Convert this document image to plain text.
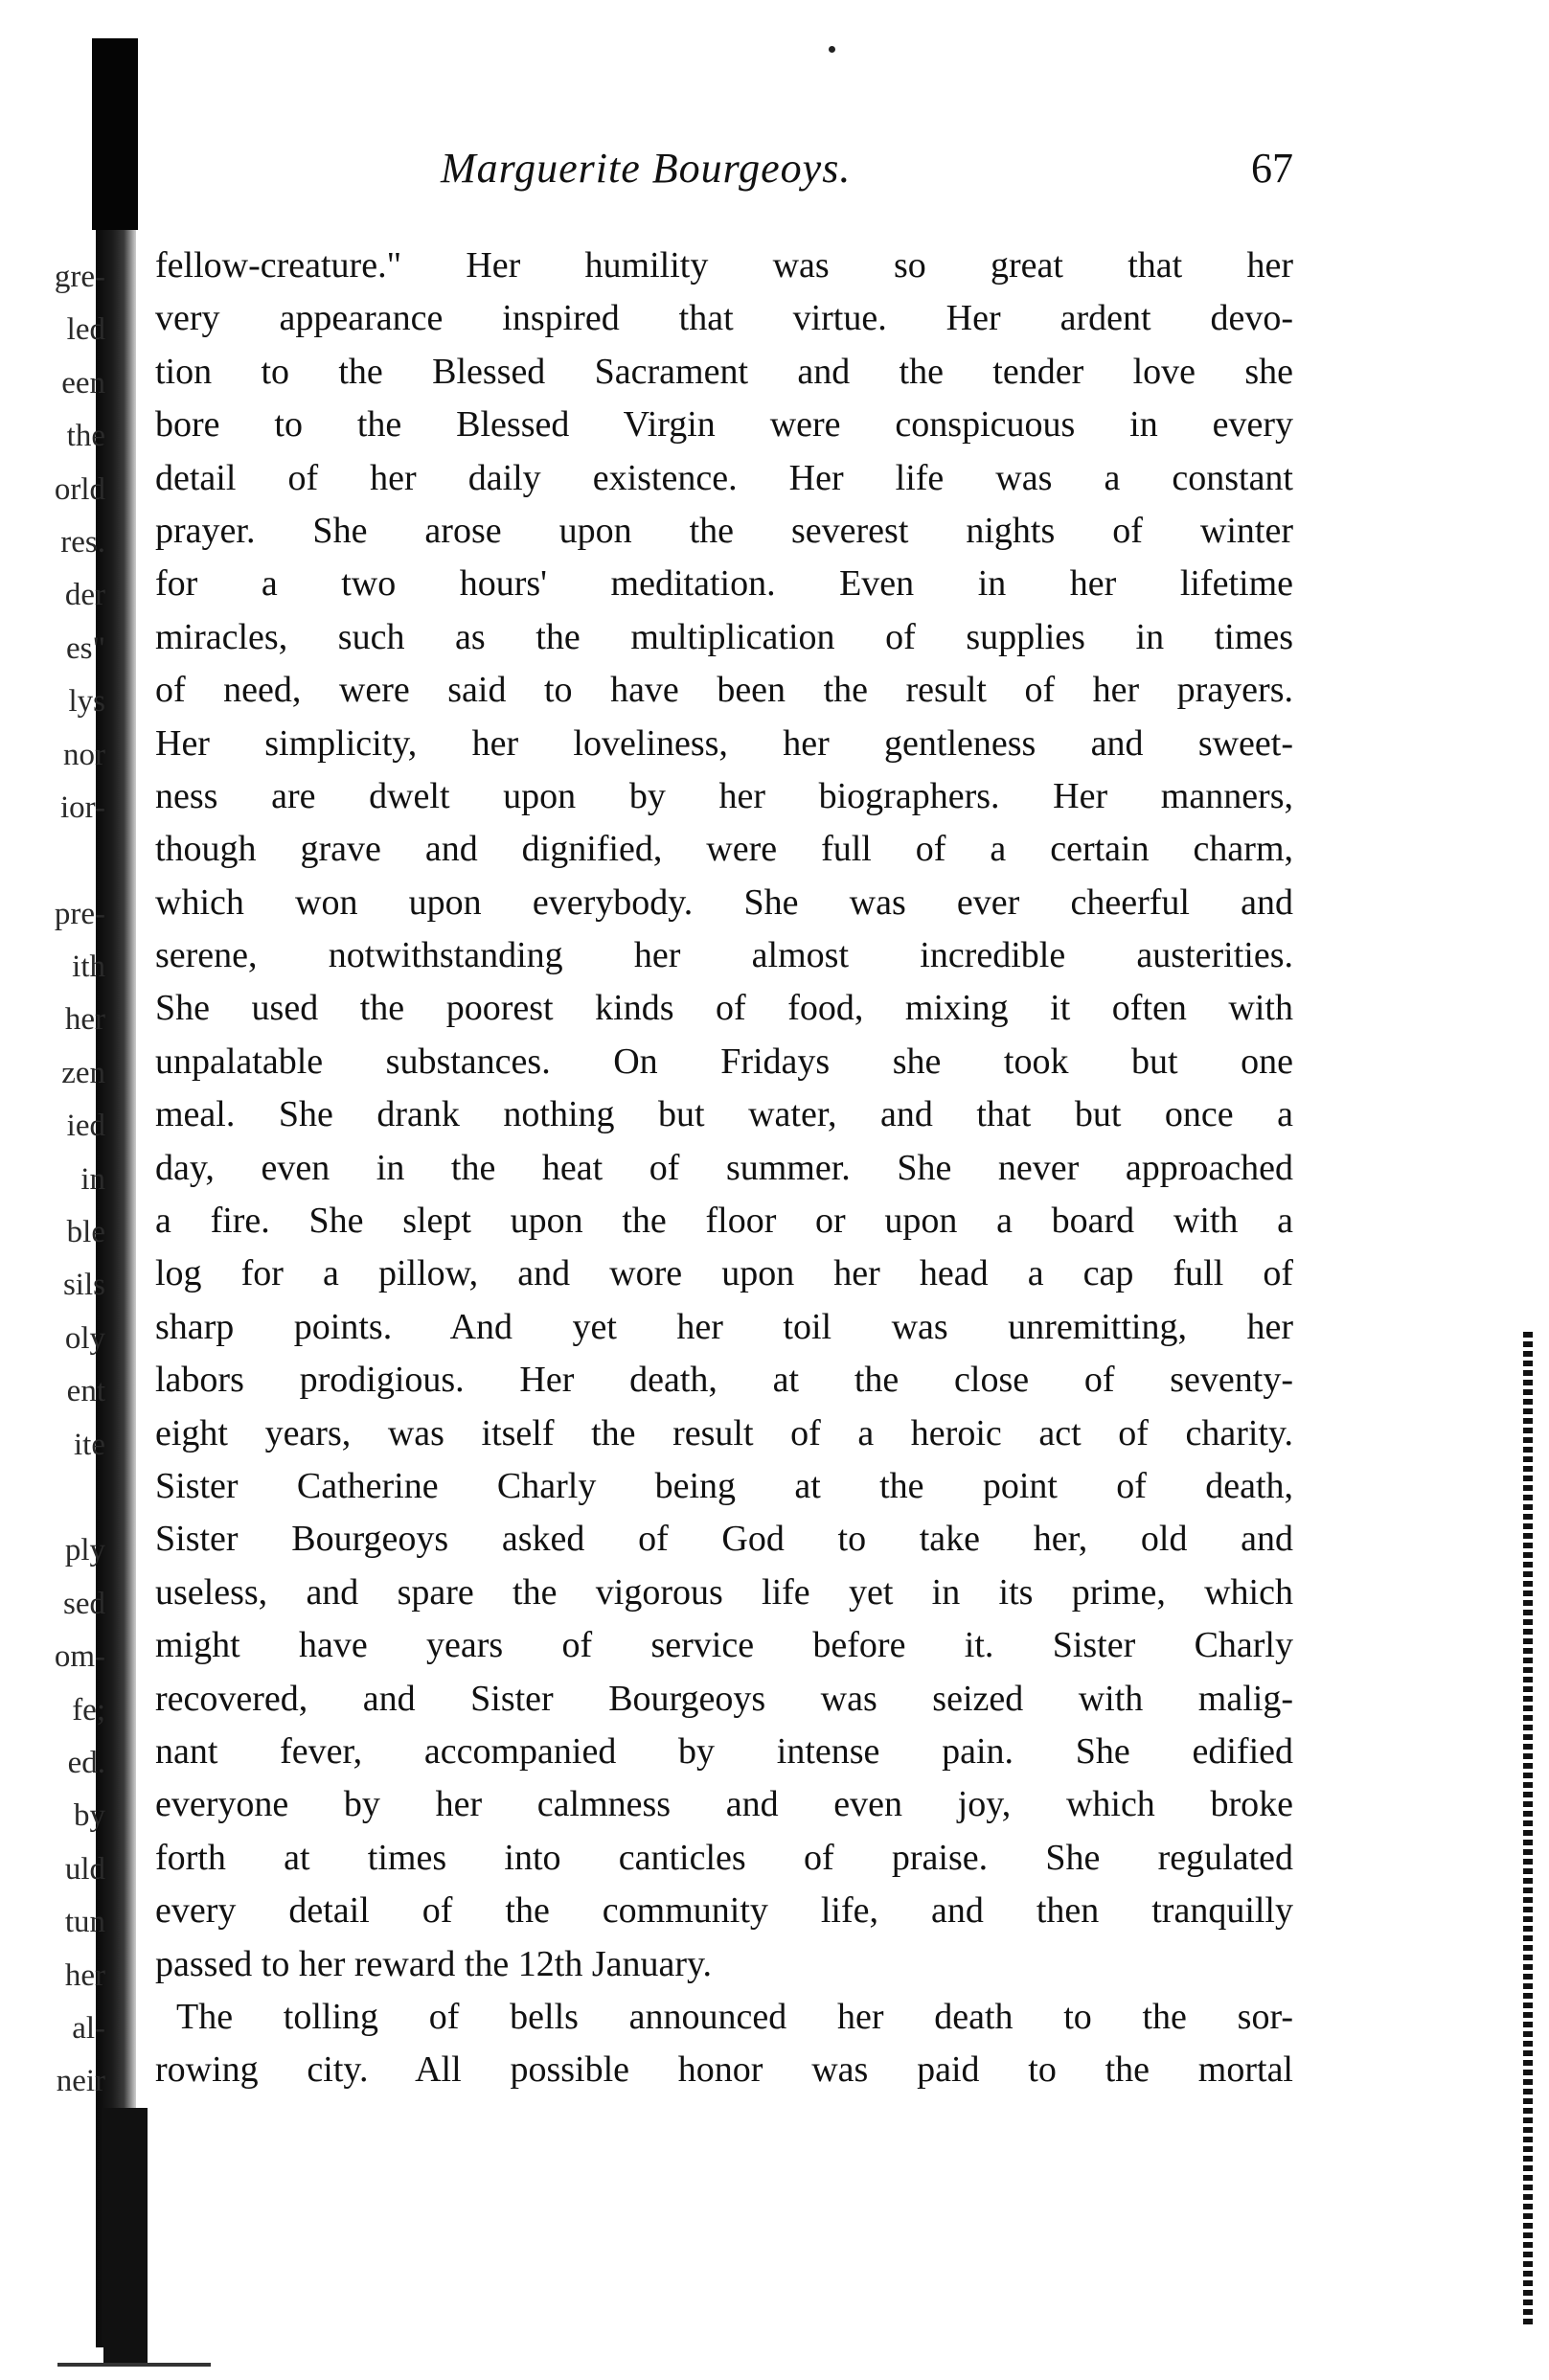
gre-
led
een
the
orld
res.
der
es"
lys
nor
ior-
pre-
ith
her
zen
ied
in
ble
sils
oly
ent
ite
ply
sed
om-
fe;
ed.
by
uld
tun
her
al-
neir
Marguerite Bourgeoys.	67
fellow-creature." Her humility was so great that her
very appearance inspired that virtue. Her ardent devo-
tion to the Blessed Sacrament and the tender love she
bore to the Blessed Virgin were conspicuous in every
detail of her daily existence. Her life was a constant
prayer. She arose upon the severest nights of winter
for a two hours' meditation. Even in her lifetime
miracles, such as the multiplication of supplies in times
of need, were said to have been the result of her prayers.
Her simplicity, her loveliness, her gentleness and sweet-
ness are dwelt upon by her biographers. Her manners,
though grave and dignified, were full of a certain charm,
which won upon everybody. She was ever cheerful and
serene, notwithstanding her almost incredible austerities.
She used the poorest kinds of food, mixing it often with
unpalatable substances. On Fridays she took but one
meal. She drank nothing but water, and that but once a
day, even in the heat of summer. She never approached
a fire. She slept upon the floor or upon a board with a
log for a pillow, and wore upon her head a cap full of
sharp points. And yet her toil was unremitting, her
labors prodigious. Her death, at the close of seventy-
eight years, was itself the result of a heroic act of charity.
Sister Catherine Charly being at the point of death,
Sister Bourgeoys asked of God to take her, old and
useless, and spare the vigorous life yet in its prime, which
might have years of service before it. Sister Charly
recovered, and Sister Bourgeoys was seized with malig-
nant fever, accompanied by intense pain. She edified
everyone by her calmness and even joy, which broke
forth at times into canticles of praise. She regulated
every detail of the community life, and then tranquilly
passed to her reward the 12th January.
The tolling of bells announced her death to the sor-
rowing city. All possible honor was paid to the mortal
